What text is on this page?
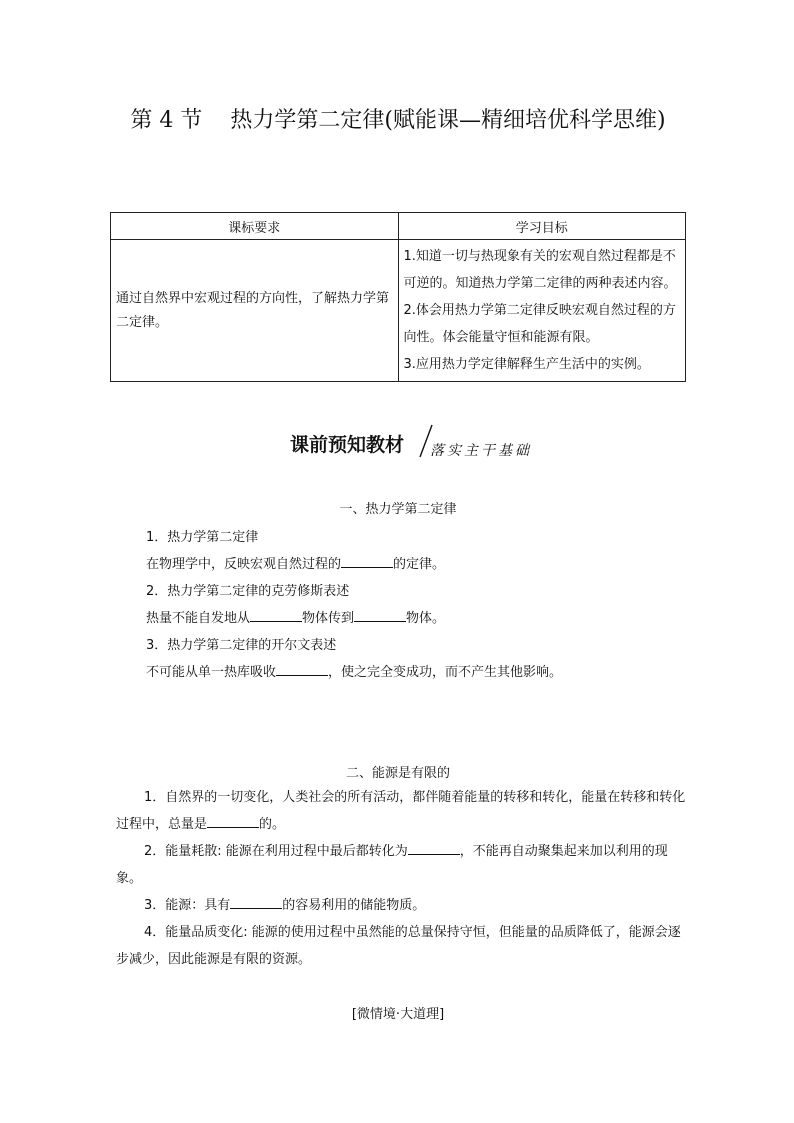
第 4 节 热力学第二定律(赋能课—精细培优科学思维)
课标要求	学习目标
通过自然界中宏观过程的方向性，了解热力学第二定律。	1.知道一切与热现象有关的宏观自然过程都是不可逆的。知道热力学第二定律的两种表述内容。
2.体会用热力学第二定律反映宏观自然过程的方向性。体会能量守恒和能源有限。
3.应用热力学定律解释生产生活中的实例。
课前预知教材 落实主干基础
一、热力学第二定律

1．热力学第二定律

在物理学中，反映宏观自然过程的	的定律。

2．热力学第二定律的克劳修斯表述

热量不能自发地从	物体传到	物体。

3．热力学第二定律的开尔文表述

不可能从单一热库吸收	，使之完全变成功，而不产生其他影响。

二、能源是有限的

1．自然界的一切变化，人类社会的所有活动，都伴随着能量的转移和转化，能量在转移和转化过程中，总量是	的。

2．能量耗散: 能源在利用过程中最后都转化为	，不能再自动聚集起来加以利用的现象。

3．能源：具有	的容易利用的储能物质。

4．能量品质变化: 能源的使用过程中虽然能的总量保持守恒，但能量的品质降低了，能源会逐步减少，因此能源是有限的资源。

[微情境·大道理]
